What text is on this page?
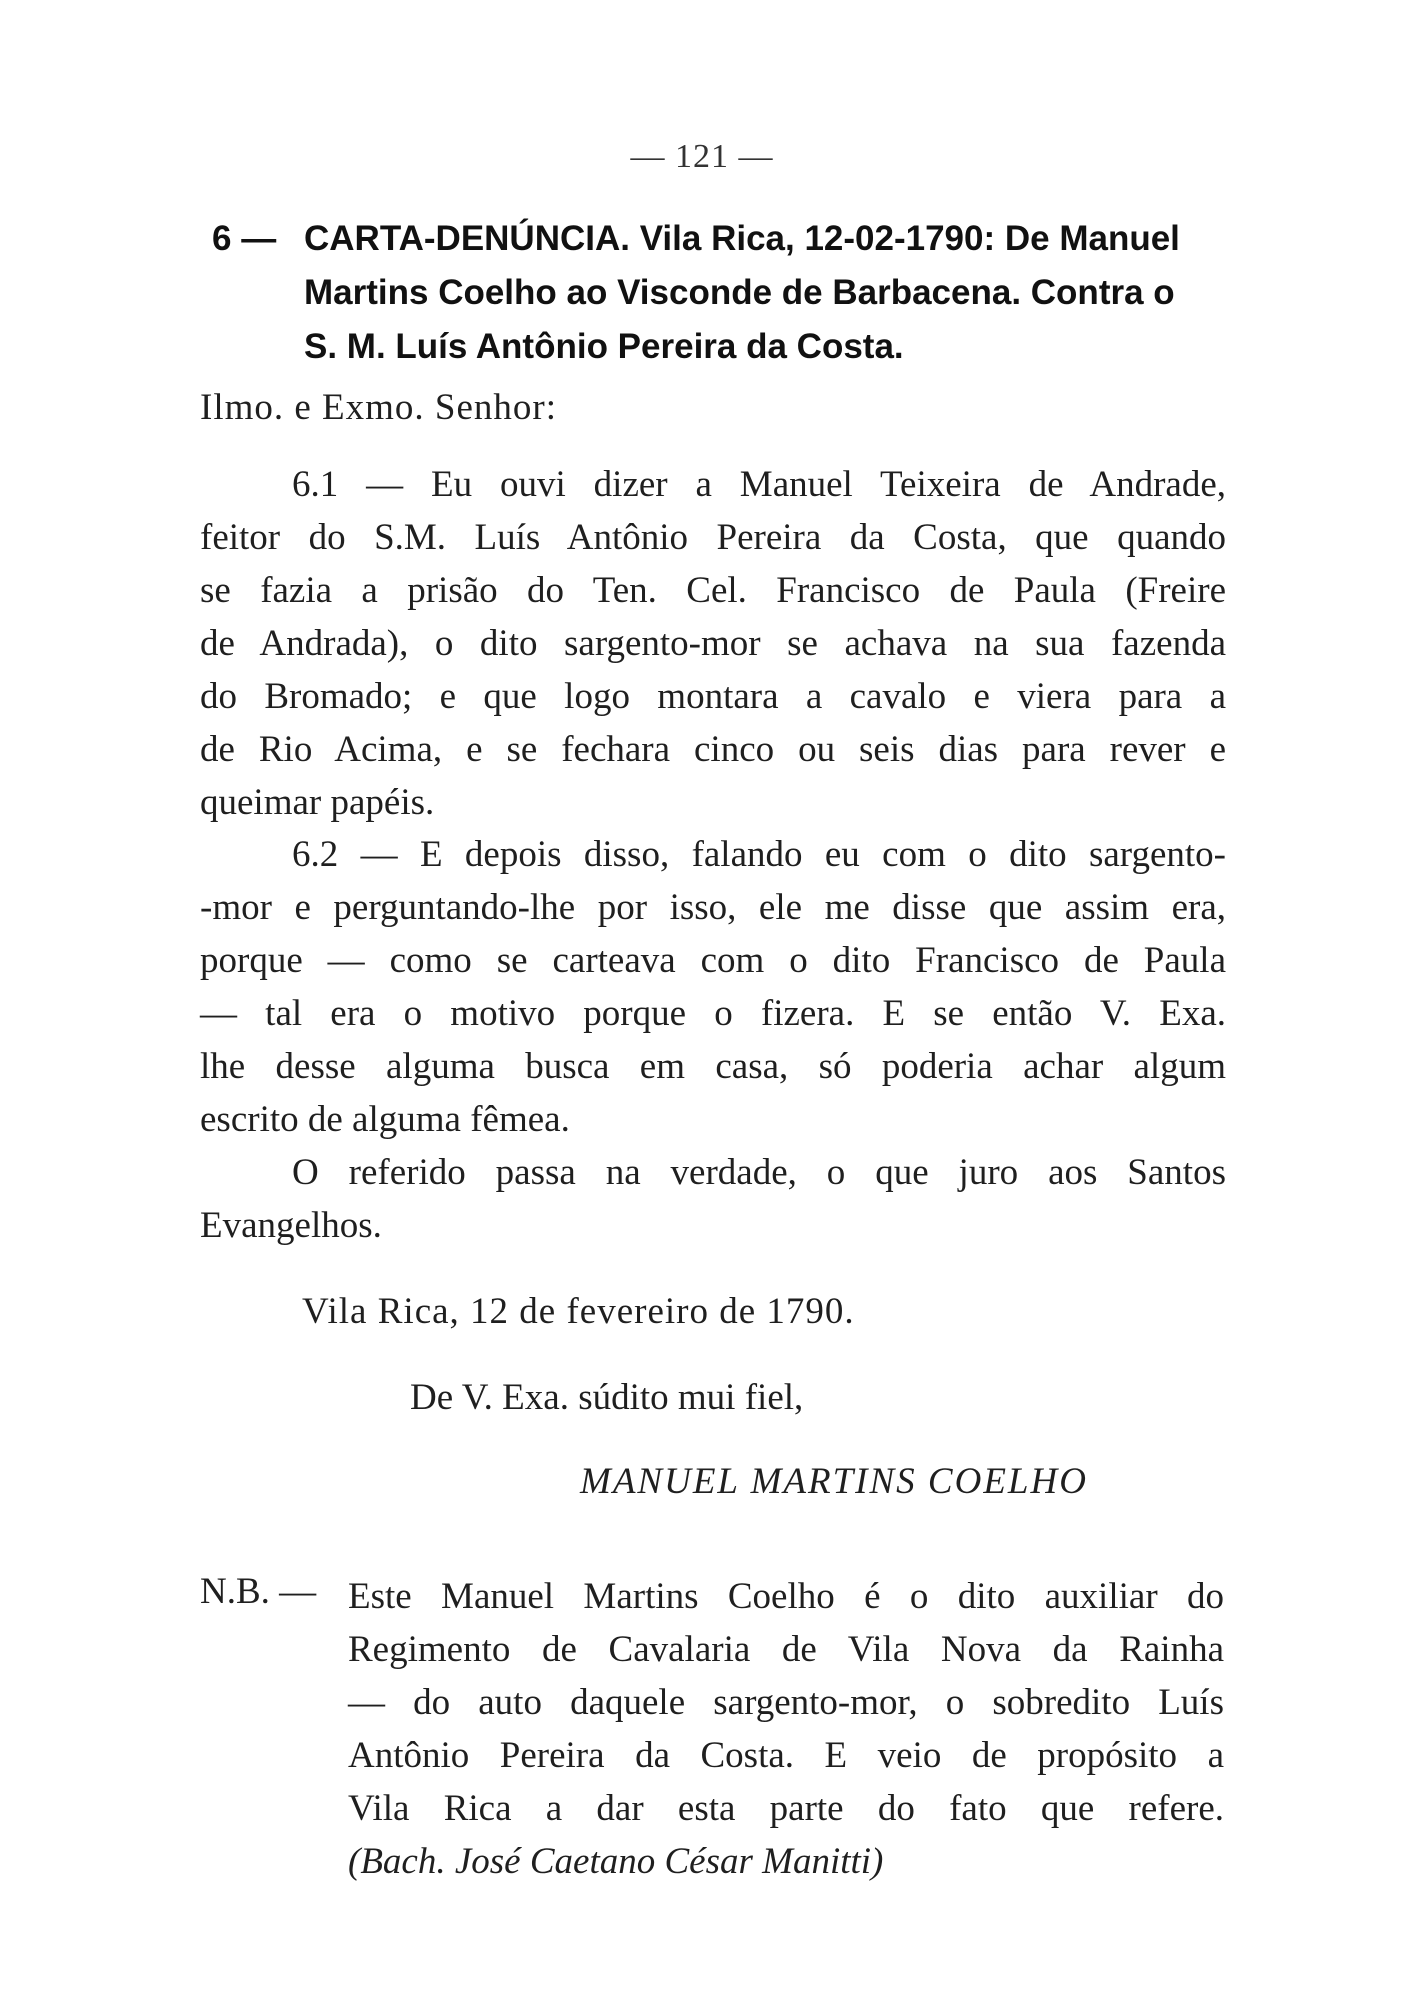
— 121 —
6 — CARTA-DENÚNCIA. Vila Rica, 12-02-1790: De Manuel
Martins Coelho ao Visconde de Barbacena. Contra o
S. M. Luís Antônio Pereira da Costa.
Ilmo. e Exmo. Senhor:
6.1 — Eu ouvi dizer a Manuel Teixeira de Andrade,
feitor do S.M. Luís Antônio Pereira da Costa, que quando
se fazia a prisão do Ten. Cel. Francisco de Paula (Freire
de Andrada), o dito sargento-mor se achava na sua fazenda
do Bromado; e que logo montara a cavalo e viera para a
de Rio Acima, e se fechara cinco ou seis dias para rever e
queimar papéis.
6.2 — E depois disso, falando eu com o dito sargento-
-mor e perguntando-lhe por isso, ele me disse que assim era,
porque — como se carteava com o dito Francisco de Paula
— tal era o motivo porque o fizera. E se então V. Exa.
lhe desse alguma busca em casa, só poderia achar algum
escrito de alguma fêmea.
O referido passa na verdade, o que juro aos Santos
Evangelhos.
Vila Rica, 12 de fevereiro de 1790.
De V. Exa. súdito mui fiel,
MANUEL MARTINS COELHO
N.B. — Este Manuel Martins Coelho é o dito auxiliar do
Regimento de Cavalaria de Vila Nova da Rainha
— do auto daquele sargento-mor, o sobredito Luís
Antônio Pereira da Costa. E veio de propósito a
Vila Rica a dar esta parte do fato que refere.
(Bach. José Caetano César Manitti)
